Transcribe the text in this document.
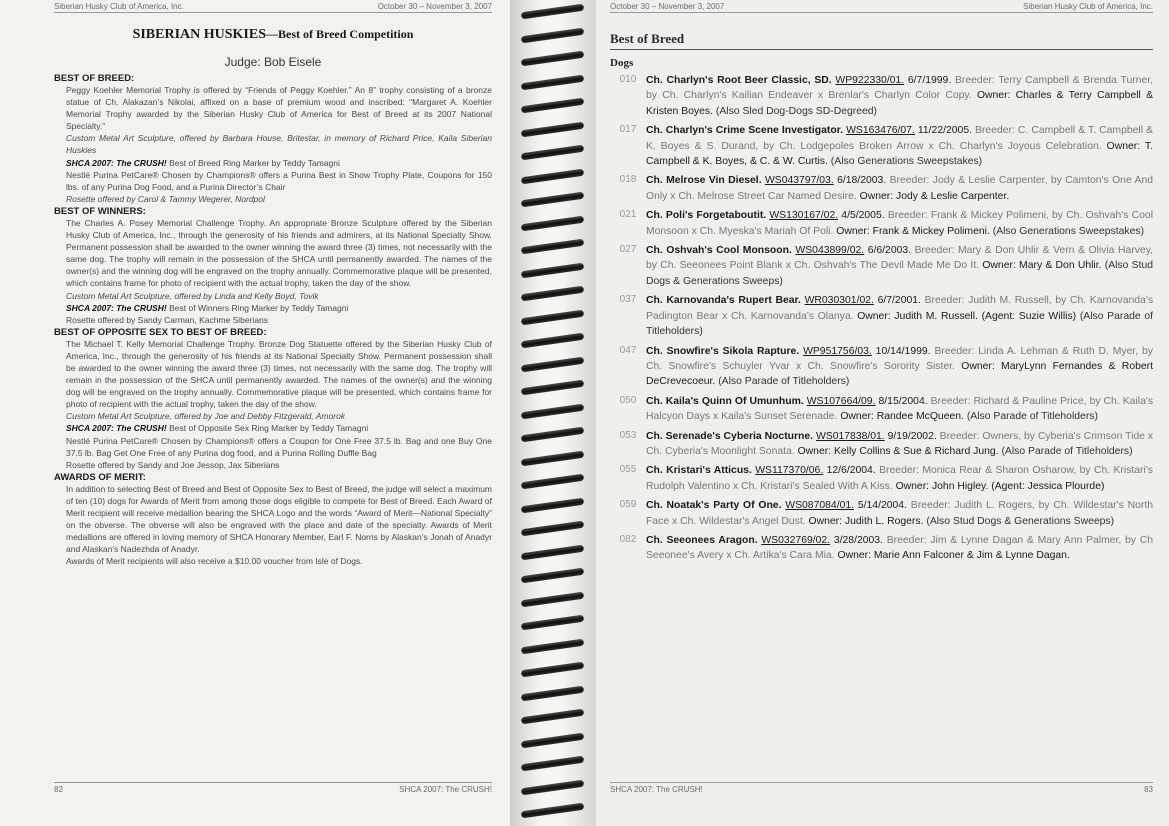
Siberian Husky Club of America, Inc.	October 30 – November 3, 2007
SIBERIAN HUSKIES—Best of Breed Competition
Judge: Bob Eisele
BEST OF BREED:
Peggy Koehler Memorial Trophy is offered by “Friends of Peggy Koehler.” An 8” trophy consisting of a bronze statue of Ch. Alakazan’s Nikolai, affixed on a base of premium wood and inscribed: “Margaret A. Koehler Memorial Trophy awarded by the Siberian Husky Club of America for Best of Breed at its 2007 National Specialty.”
Custom Metal Art Sculpture, offered by Barbara House, Britestar, in memory of Richard Price, Kaila Siberian Huskies
SHCA 2007: The CRUSH! Best of Breed Ring Marker by Teddy Tamagni
Nestlé Purina PetCare® Chosen by Champions® offers a Purina Best in Show Trophy Plate, Coupons for 150 lbs. of any Purina Dog Food, and a Purina Director’s Chair
Rosette offered by Carol & Tammy Wegerer, Nordpol
BEST OF WINNERS:
The Charles A. Posey Memorial Challenge Trophy. An appropriate Bronze Sculpture offered by the Siberian Husky Club of America, Inc., through the generosity of his friends and admirers, at its National Specialty Show. Permanent possession shall be awarded to the owner winning the award three (3) times, not necessarily with the same dog. The trophy will remain in the possession of the SHCA until permanently awarded. The names of the owner(s) and the winning dog will be engraved on the trophy annually. Commemorative plaque will be presented, which contains frame for photo of recipient with the actual trophy, taken the day of the show.
Custom Metal Art Sculpture, offered by Linda and Kelly Boyd, Tovik
SHCA 2007: The CRUSH! Best of Winners Ring Marker by Teddy Tamagni
Rosette offered by Sandy Carman, Kachme Siberians
BEST OF OPPOSITE SEX TO BEST OF BREED:
The Michael T. Kelly Memorial Challenge Trophy. Bronze Dog Statuette offered by the Siberian Husky Club of America, Inc., through the generosity of his friends at its National Specialty Show. Permanent possession shall be awarded to the owner winning the award three (3) times, not necessarily with the same dog. The trophy will remain in the possession of the SHCA until permanently awarded. The names of the owner(s) and the winning dog will be engraved on the trophy annually. Commemorative plaque will be presented, which contains frame for photo of recipient with the actual trophy, taken the day of the show.
Custom Metal Art Sculpture, offered by Joe and Debby Fitzgerald, Amorok
SHCA 2007: The CRUSH! Best of Opposite Sex Ring Marker by Teddy Tamagni
Nestlé Purina PetCare® Chosen by Champions® offers a Coupon for One Free 37.5 lb. Bag and one Buy One 37.5 lb. Bag Get One Free of any Purina dog food, and a Purina Rolling Duffle Bag
Rosette offered by Sandy and Joe Jessop, Jax Siberians
AWARDS OF MERIT:
In addition to selecting Best of Breed and Best of Opposite Sex to Best of Breed, the judge will select a maximum of ten (10) dogs for Awards of Merit from among those dogs eligible to compete for Best of Breed. Each Award of Merit recipient will receive medallion bearing the SHCA Logo and the words “Award of Merit—National Specialty” on the obverse. The obverse will also be engraved with the place and date of the specialty. Awards of Merit medallions are offered in loving memory of SHCA Honorary Member, Earl F. Norris by Alaskan’s Jonah of Anadyr and Alaskan’s Nadezhda of Anadyr.
Awards of Merit recipients will also receive a $10.00 voucher from Isle of Dogs.
82	SHCA 2007: The CRUSH!
October 30 – November 3, 2007	Siberian Husky Club of America, Inc.
Best of Breed
Dogs
010 Ch. Charlyn's Root Beer Classic, SD. WP922330/01. 6/7/1999. Breeder: Terry Campbell & Brenda Turner, by Ch. Charlyn's Kailian Endeaver x Brenlar's Charlyn Color Copy. Owner: Charles & Terry Campbell & Kristen Boyes. (Also Sled Dog-Dogs SD-Degreed)
017 Ch. Charlyn's Crime Scene Investigator. WS163476/07. 11/22/2005. Breeder: C. Campbell & T. Campbell & K. Boyes & S. Durand, by Ch. Lodgepoles Broken Arrow x Ch. Charlyn's Joyous Celebration. Owner: T. Campbell & K. Boyes, & C. & W. Curtis. (Also Generations Sweepstakes)
018 Ch. Melrose Vin Diesel. WS043797/03. 6/18/2003. Breeder: Jody & Leslie Carpenter, by Camton's One And Only x Ch. Melrose Street Car Named Desire. Owner: Jody & Leslie Carpenter.
021 Ch. Poli's Forgetaboutit. WS130167/02. 4/5/2005. Breeder: Frank & Mickey Polimeni, by Ch. Oshvah's Cool Monsoon x Ch. Myeska's Mariah Of Poli. Owner: Frank & Mickey Polimeni. (Also Generations Sweepstakes)
027 Ch. Oshvah's Cool Monsoon. WS043899/02. 6/6/2003. Breeder: Mary & Don Uhlir & Vern & Olivia Harvey, by Ch. Seeonees Point Blank x Ch. Oshvah's The Devil Made Me Do It. Owner: Mary & Don Uhlir. (Also Stud Dogs & Generations Sweeps)
037 Ch. Karnovanda's Rupert Bear. WR030301/02. 6/7/2001. Breeder: Judith M. Russell, by Ch. Karnovanda's Padington Bear x Ch. Karnovanda's Olanya. Owner: Judith M. Russell. (Agent: Suzie Willis) (Also Parade of Titleholders)
047 Ch. Snowfire's Sikola Rapture. WP951756/03. 10/14/1999. Breeder: Linda A. Lehman & Ruth D. Myer, by Ch. Snowfire's Schuyler Yvar x Ch. Snowfire's Sorority Sister. Owner: MaryLynn Fernandes & Robert DeCrevecoeur. (Also Parade of Titleholders)
050 Ch. Kaila's Quinn Of Umunhum. WS107664/09. 8/15/2004. Breeder: Richard & Pauline Price, by Ch. Kaila's Halcyon Days x Kaila's Sunset Serenade. Owner: Randee McQueen. (Also Parade of Titleholders)
053 Ch. Serenade's Cyberia Nocturne. WS017838/01. 9/19/2002. Breeder: Owners, by Cyberia's Crimson Tide x Ch. Cyberia's Moonlight Sonata. Owner: Kelly Collins & Sue & Richard Jung. (Also Parade of Titleholders)
055 Ch. Kristari's Atticus. WS117370/06. 12/6/2004. Breeder: Monica Rear & Sharon Osharow, by Ch. Kristari's Rudolph Valentino x Ch. Kristari's Sealed With A Kiss. Owner: John Higley. (Agent: Jessica Plourde)
059 Ch. Noatak's Party Of One. WS087084/01. 5/14/2004. Breeder: Judith L. Rogers, by Ch. Wildestar's North Face x Ch. Wildestar's Angel Dust. Owner: Judith L. Rogers. (Also Stud Dogs & Generations Sweeps)
082 Ch. Seeonees Aragon. WS032769/02. 3/28/2003. Breeder: Jim & Lynne Dagan & Mary Ann Palmer, by Ch Seeonee's Avery x Ch. Artika's Cara Mia. Owner: Marie Ann Falconer & Jim & Lynne Dagan.
SHCA 2007: The CRUSH!	83
